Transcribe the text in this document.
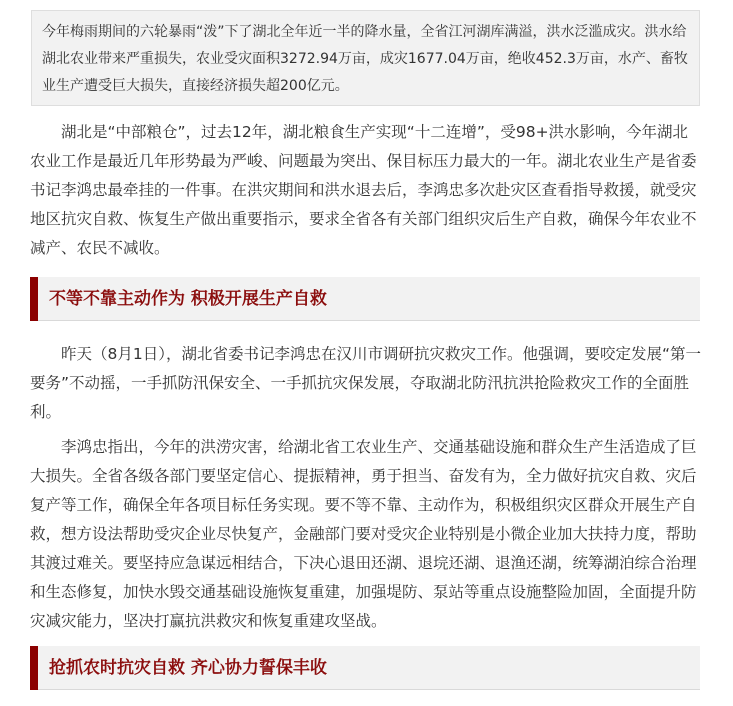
今年梅雨期间的六轮暴雨“泼”下了湖北全年近一半的降水量，全省江河湖库满溢，洪水泛滥成灾。洪水给湖北农业带来严重损失，农业受灾面积3272.94万亩，成灾1677.04万亩，绝收452.3万亩，水产、畜牧业生产遭受巨大损失，直接经济损失超200亿元。

湖北是“中部粮仓”，过去12年，湖北粮食生产实现“十二连增”，受98+洪水影响，今年湖北农业工作是最近几年形势最为严峻、问题最为突出、保目标压力最大的一年。湖北农业生产是省委书记李鸿忠最牵挂的一件事。在洪灾期间和洪水退去后，李鸿忠多次赴灾区查看指导救援，就受灾地区抗灾自救、恢复生产做出重要指示，要求全省各有关部门组织灾后生产自救，确保今年农业不减产、农民不减收。

不等不靠主动作为 积极开展生产自救

昨天（8月1日），湖北省委书记李鸿忠在汉川市调研抗灾救灾工作。他强调，要咬定发展“第一要务”不动摇，一手抓防汛保安全、一手抓抗灾保发展，夺取湖北防汛抗洪抢险救灾工作的全面胜利。

李鸿忠指出，今年的洪涝灾害，给湖北省工农业生产、交通基础设施和群众生产生活造成了巨大损失。全省各级各部门要坚定信心、提振精神，勇于担当、奋发有为，全力做好抗灾自救、灾后复产等工作，确保全年各项目标任务实现。要不等不靠、主动作为，积极组织灾区群众开展生产自救，想方设法帮助受灾企业尽快复产，金融部门要对受灾企业特别是小微企业加大扶持力度，帮助其渡过难关。要坚持应急谋远相结合，下决心退田还湖、退垸还湖、退渔还湖，统筹湖泊综合治理和生态修复，加快水毁交通基础设施恢复重建，加强堤防、泵站等重点设施整险加固，全面提升防灾减灾能力，坚决打赢抗洪救灾和恢复重建攻坚战。

抢抓农时抗灾自救 齐心协力誓保丰收
